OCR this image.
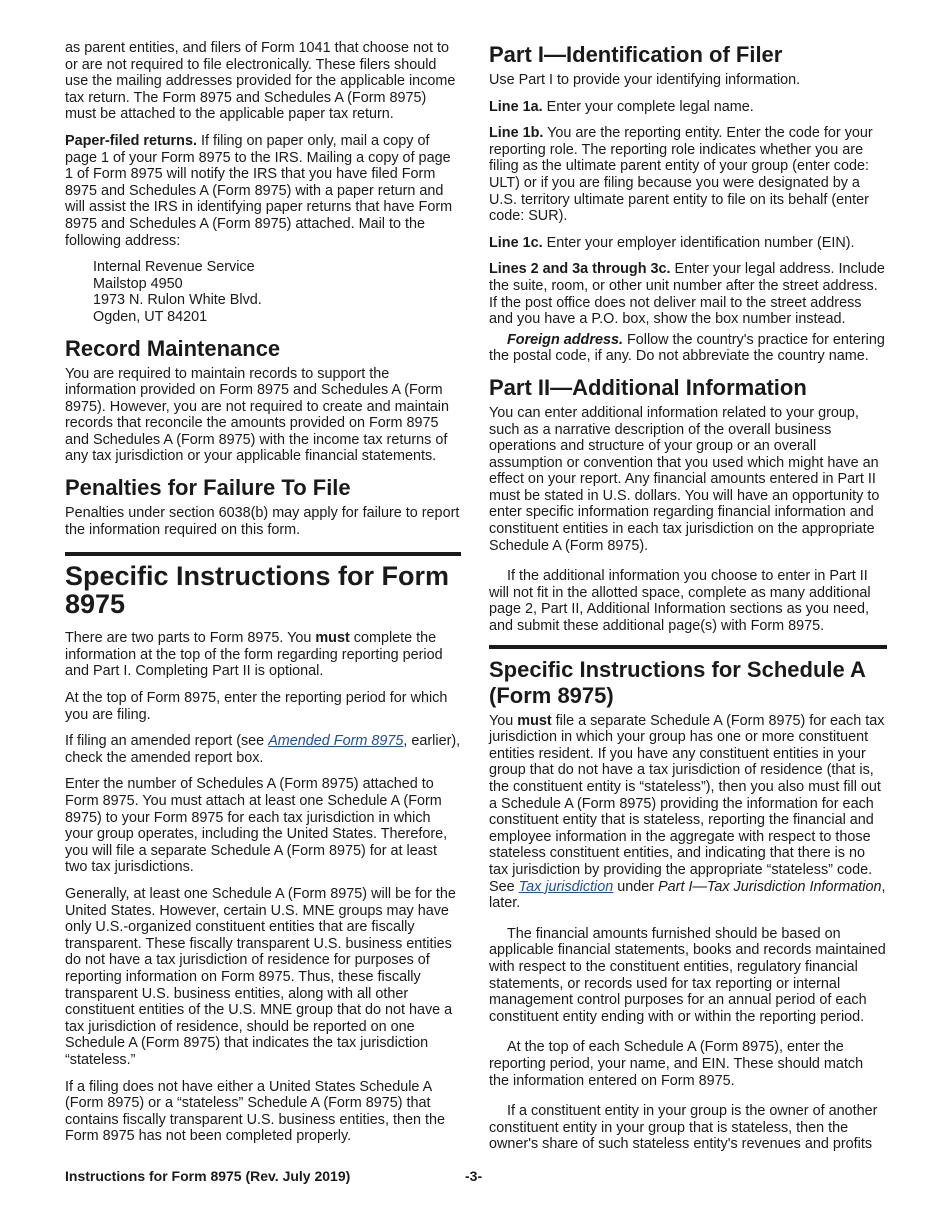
as parent entities, and filers of Form 1041 that choose not to or are not required to file electronically. These filers should use the mailing addresses provided for the applicable income tax return. The Form 8975 and Schedules A (Form 8975) must be attached to the applicable paper tax return.

Paper-filed returns. If filing on paper only, mail a copy of page 1 of your Form 8975 to the IRS. Mailing a copy of page 1 of Form 8975 will notify the IRS that you have filed Form 8975 and Schedules A (Form 8975) with a paper return and will assist the IRS in identifying paper returns that have Form 8975 and Schedules A (Form 8975) attached. Mail to the following address:

Internal Revenue Service
Mailstop 4950
1973 N. Rulon White Blvd.
Ogden, UT 84201
Record Maintenance

You are required to maintain records to support the information provided on Form 8975 and Schedules A (Form 8975). However, you are not required to create and maintain records that reconcile the amounts provided on Form 8975 and Schedules A (Form 8975) with the income tax returns of any tax jurisdiction or your applicable financial statements.

Penalties for Failure To File

Penalties under section 6038(b) may apply for failure to report the information required on this form.

Specific Instructions for Form 8975

There are two parts to Form 8975. You must complete the information at the top of the form regarding reporting period and Part I. Completing Part II is optional.

At the top of Form 8975, enter the reporting period for which you are filing.

If filing an amended report (see Amended Form 8975, earlier), check the amended report box.

Enter the number of Schedules A (Form 8975) attached to Form 8975. You must attach at least one Schedule A (Form 8975) to your Form 8975 for each tax jurisdiction in which your group operates, including the United States. Therefore, you will file a separate Schedule A (Form 8975) for at least two tax jurisdictions.

Generally, at least one Schedule A (Form 8975) will be for the United States. However, certain U.S. MNE groups may have only U.S.-organized constituent entities that are fiscally transparent. These fiscally transparent U.S. business entities do not have a tax jurisdiction of residence for purposes of reporting information on Form 8975. Thus, these fiscally transparent U.S. business entities, along with all other constituent entities of the U.S. MNE group that do not have a tax jurisdiction of residence, should be reported on one Schedule A (Form 8975) that indicates the tax jurisdiction “stateless.”

If a filing does not have either a United States Schedule A (Form 8975) or a “stateless” Schedule A (Form 8975) that contains fiscally transparent U.S. business entities, then the Form 8975 has not been completed properly.

Part I—Identification of Filer

Use Part I to provide your identifying information.

Line 1a. Enter your complete legal name.

Line 1b. You are the reporting entity. Enter the code for your reporting role. The reporting role indicates whether you are filing as the ultimate parent entity of your group (enter code: ULT) or if you are filing because you were designated by a U.S. territory ultimate parent entity to file on its behalf (enter code: SUR).

Line 1c. Enter your employer identification number (EIN).

Lines 2 and 3a through 3c. Enter your legal address. Include the suite, room, or other unit number after the street address. If the post office does not deliver mail to the street address and you have a P.O. box, show the box number instead.

Foreign address. Follow the country's practice for entering the postal code, if any. Do not abbreviate the country name.

Part II—Additional Information

You can enter additional information related to your group, such as a narrative description of the overall business operations and structure of your group or an overall assumption or convention that you used which might have an effect on your report. Any financial amounts entered in Part II must be stated in U.S. dollars. You will have an opportunity to enter specific information regarding financial information and constituent entities in each tax jurisdiction on the appropriate Schedule A (Form 8975).

If the additional information you choose to enter in Part II will not fit in the allotted space, complete as many additional page 2, Part II, Additional Information sections as you need, and submit these additional page(s) with Form 8975.

Specific Instructions for Schedule A (Form 8975)

You must file a separate Schedule A (Form 8975) for each tax jurisdiction in which your group has one or more constituent entities resident. If you have any constituent entities in your group that do not have a tax jurisdiction of residence (that is, the constituent entity is “stateless”), then you also must fill out a Schedule A (Form 8975) providing the information for each constituent entity that is stateless, reporting the financial and employee information in the aggregate with respect to those stateless constituent entities, and indicating that there is no tax jurisdiction by providing the appropriate “stateless” code. See Tax jurisdiction under Part I—Tax Jurisdiction Information, later.

The financial amounts furnished should be based on applicable financial statements, books and records maintained with respect to the constituent entities, regulatory financial statements, or records used for tax reporting or internal management control purposes for an annual period of each constituent entity ending with or within the reporting period.

At the top of each Schedule A (Form 8975), enter the reporting period, your name, and EIN. These should match the information entered on Form 8975.

If a constituent entity in your group is the owner of another constituent entity in your group that is stateless, then the owner's share of such stateless entity's revenues and profits

Instructions for Form 8975 (Rev. July 2019)	-3-
